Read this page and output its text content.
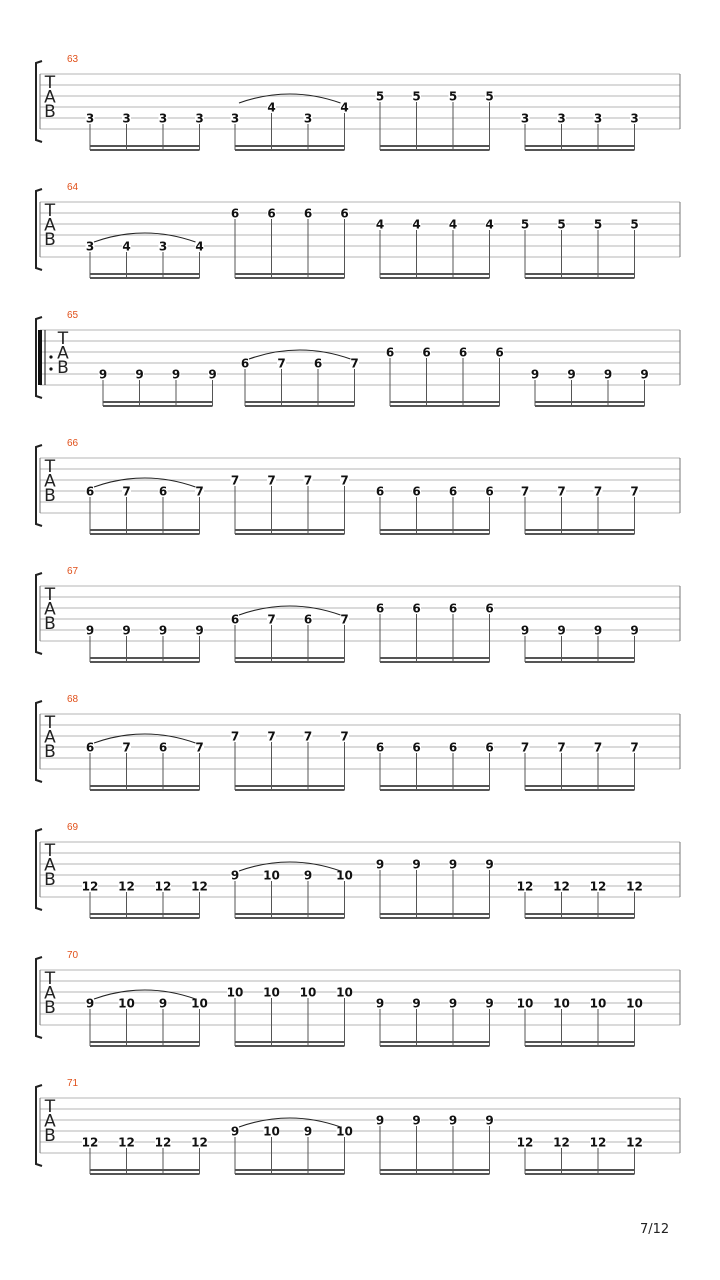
63
T
A
B 3 3 3 3 3
4
3
4
5 5 5 5
3 3 3 3
64
T
A
B 3 4 3 4
6 6 6 6
4 4 4 4 5 5 5 5
65
T
A
B 9 9 9 9
6 7 6 7
6 6 6 6
9 9 9 9
66
T
A
B 6 7 6 7
7 7 7 7
6 6 6 6 7 7 7 7
67
T
A
B 9 9 9 9
6 7 6 7
6 6 6 6
9 9 9 9
68
T
A
B 6 7 6 7
7 7 7 7
6 6 6 6 7 7 7 7
69
T
A
B 12 12 12 12
9 10 9 10
9 9 9 9
12 12 12 12
70
T
A
B 9 10 9 10
10 10 10 10
9 9 9 9 10 10 10 10
71
T
A
B 12 12 12 12
9 10 9 10
9 9 9 9
12 12 12 12
7/12
